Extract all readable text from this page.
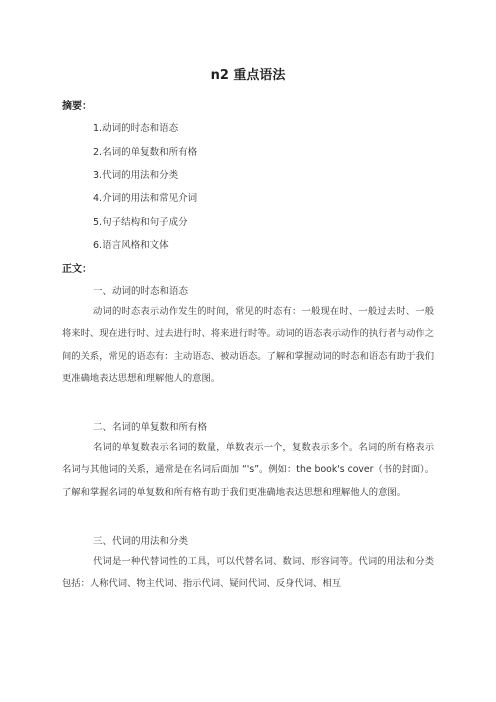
n2 重点语法
摘要：
1.动词的时态和语态
2.名词的单复数和所有格
3.代词的用法和分类
4.介词的用法和常见介词
5.句子结构和句子成分
6.语言风格和文体
正文：
一、动词的时态和语态

动词的时态表示动作发生的时间，常见的时态有：一般现在时、一般过去时、一般将来时、现在进行时、过去进行时、将来进行时等。动词的语态表示动作的执行者与动作之间的关系，常见的语态有：主动语态、被动语态。了解和掌握动词的时态和语态有助于我们更准确地表达思想和理解他人的意图。

二、名词的单复数和所有格

名词的单复数表示名词的数量，单数表示一个，复数表示多个。名词的所有格表示名词与其他词的关系，通常是在名词后面加 “'s”。例如：the book's cover（书的封面）。了解和掌握名词的单复数和所有格有助于我们更准确地表达思想和理解他人的意图。

三、代词的用法和分类

代词是一种代替词性的工具，可以代替名词、数词、形容词等。代词的用法和分类包括：人称代词、物主代词、指示代词、疑问代词、反身代词、相互
